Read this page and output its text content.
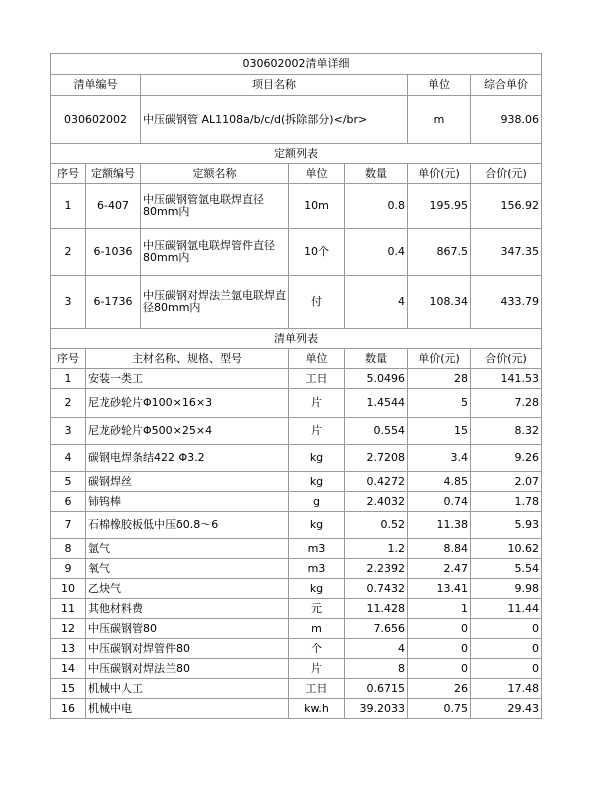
030602002清单详细						
清单编号		项目名称			单位	综合单价
030602002		中压碳钢管 AL1108a/b/c/d(拆除部分)</br>			m	938.06
定额列表						
序号	定额编号	定额名称	单位	数量	单价(元)	合价(元)
1	6-407	中压碳钢管氩电联焊直径80mm内	10m	0.8	195.95	156.92
2	6-1036	中压碳钢氩电联焊管件直径80mm内	10个	0.4	867.5	347.35
3	6-1736	中压碳钢对焊法兰氩电联焊直径80mm内	付	4	108.34	433.79
清单列表						
序号	主材名称、规格、型号		单位	数量	单价(元)	合价(元)
1	安装一类工		工日	5.0496	28	141.53
2	尼龙砂轮片Φ100×16×3		片	1.4544	5	7.28
3	尼龙砂轮片Φ500×25×4		片	0.554	15	8.32
4	碳钢电焊条结422 Φ3.2		kg	2.7208	3.4	9.26
5	碳钢焊丝		kg	0.4272	4.85	2.07
6	铈钨棒		g	2.4032	0.74	1.78
7	石棉橡胶板低中压δ0.8～6		kg	0.52	11.38	5.93
8	氩气		m3	1.2	8.84	10.62
9	氧气		m3	2.2392	2.47	5.54
10	乙炔气		kg	0.7432	13.41	9.98
11	其他材料费		元	11.428	1	11.44
12	中压碳钢管80		m	7.656	0	0
13	中压碳钢对焊管件80		个	4	0	0
14	中压碳钢对焊法兰80		片	8	0	0
15	机械中人工		工日	0.6715	26	17.48
16	机械中电		kw.h	39.2033	0.75	29.43
